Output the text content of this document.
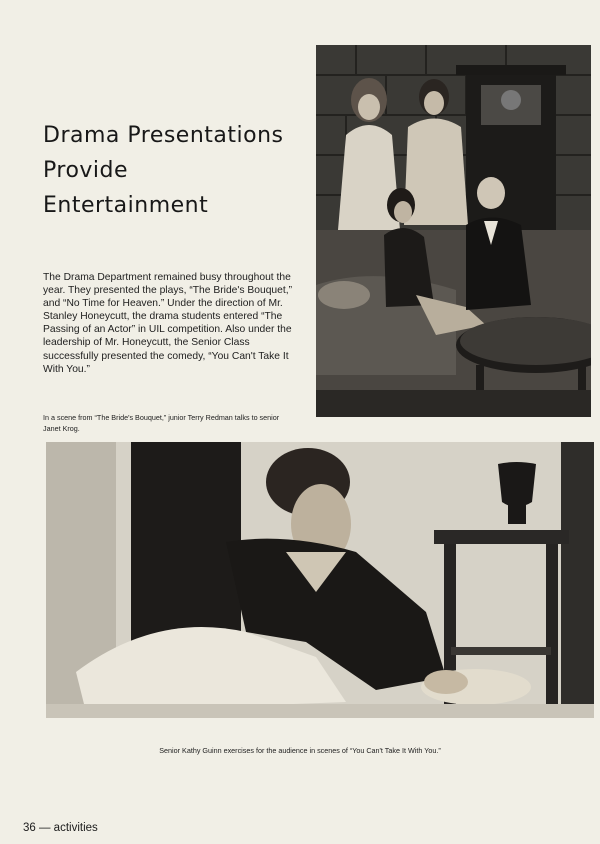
Drama Presentations
Provide
Entertainment

The Drama Department remained busy throughout the year. They presented the plays, “The Bride's Bouquet,” and “No Time for Heaven.” Under the direction of Mr. Stanley Honeycutt, the drama students entered “The Passing of an Actor” in UIL competition. Also under the leadership of Mr. Honeycutt, the Senior Class successfully presented the comedy, “You Can't Take It With You.”

In a scene from “The Bride's Bouquet,” junior Terry Redman talks to senior Janet Krog.
Senior Kathy Guinn exercises for the audience in scenes of “You Can't Take It With You.”
36 — activities
